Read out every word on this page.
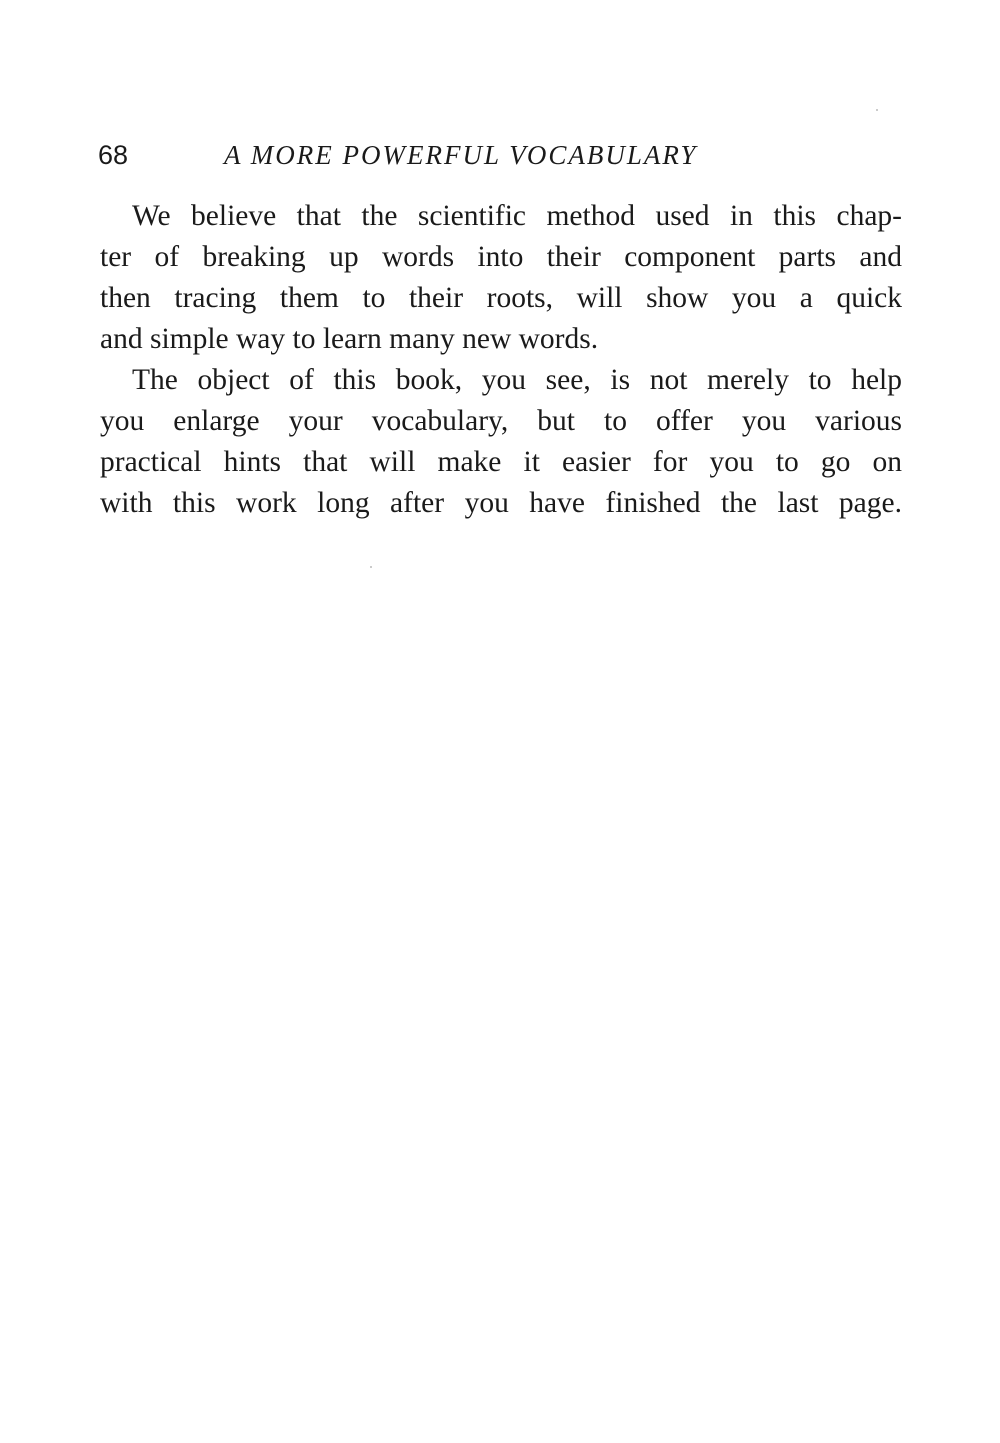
68	A MORE POWERFUL VOCABULARY
We believe that the scientific method used in this chap-
ter of breaking up words into their component parts and
then tracing them to their roots, will show you a quick
and simple way to learn many new words.
The object of this book, you see, is not merely to help
you enlarge your vocabulary, but to offer you various
practical hints that will make it easier for you to go on
with this work long after you have finished the last page.
